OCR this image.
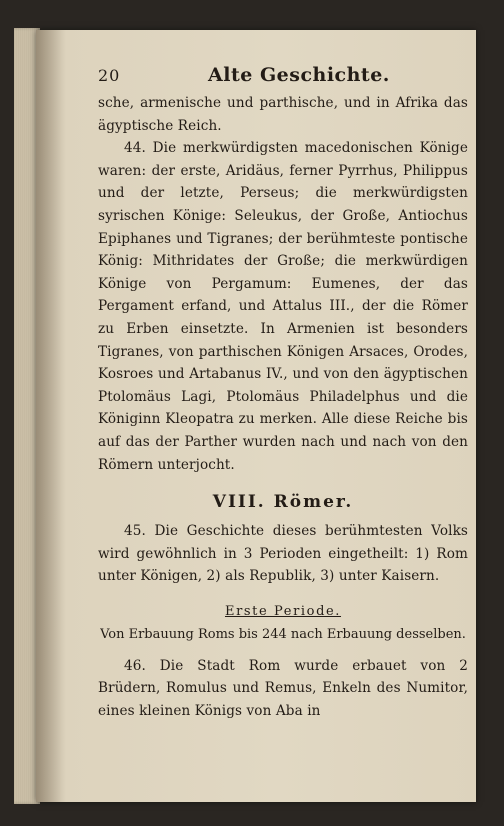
20	Alte Geschichte.

sche, armenische und parthische, und in Afrika das ägyptische Reich.

44. Die merkwürdigsten macedonischen Könige waren: der erste, Aridäus, ferner Pyrrhus, Philippus und der letzte, Perseus; die merkwürdigsten syrischen Könige: Seleukus, der Große, Antiochus Epiphanes und Tigranes; der berühmteste pontische König: Mithridates der Große; die merkwürdigen Könige von Pergamum: Eumenes, der das Pergament erfand, und Attalus III., der die Römer zu Erben einsetzte. In Armenien ist besonders Tigranes, von parthischen Königen Arsaces, Orodes, Kosroes und Artabanus IV., und von den ägyptischen Ptolomäus Lagi, Ptolomäus Philadelphus und die Königinn Kleopatra zu merken. Alle diese Reiche bis auf das der Parther wurden nach und nach von den Römern unterjocht.

VIII. Römer.

45. Die Geschichte dieses berühmtesten Volks wird gewöhnlich in 3 Perioden eingetheilt: 1) Rom unter Königen, 2) als Republik, 3) unter Kaisern.

Erste Periode.
Von Erbauung Roms bis 244 nach Erbauung desselben.

46. Die Stadt Rom wurde erbauet von 2 Brüdern, Romulus und Remus, Enkeln des Numitor, eines kleinen Königs von Aba in
